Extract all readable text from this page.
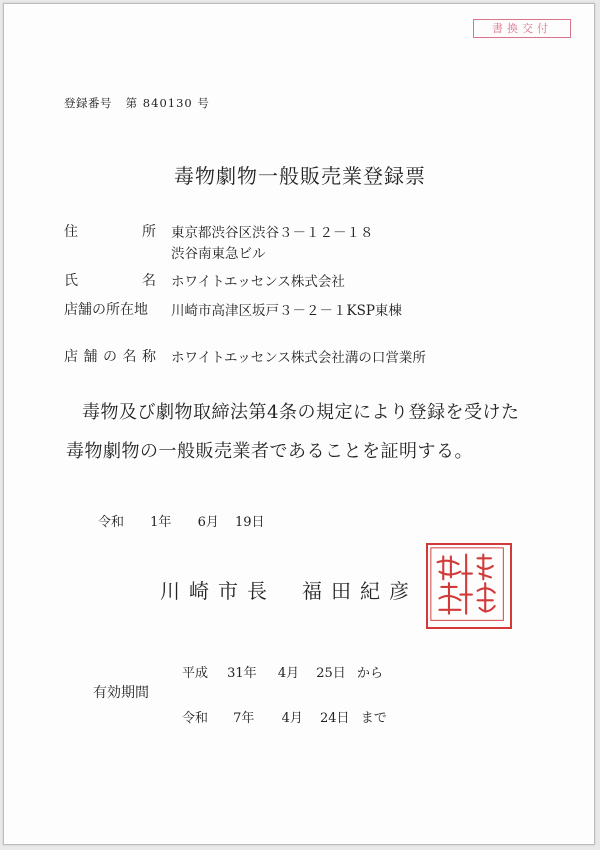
書換交付
登録番号 第 840130 号
毒物劇物一般販売業登録票
住	所 東京都渋谷区渋谷３－１２－１８
渋谷南東急ビル
氏	名 ホワイトエッセンス株式会社
店舗の所在地	川崎市高津区坂戸３－２－１KSP東棟
店 舗 の 名 称 ホワイトエッセンス株式会社溝の口営業所
毒物及び劇物取締法第4条の規定により登録を受けた
毒物劇物の一般販売業者であることを証明する。
令和 1年 6月 19日
川崎市長 福田紀彦
有効期間
平成 31年 4月 25日 から
令和 7年 4月 24日 まで
